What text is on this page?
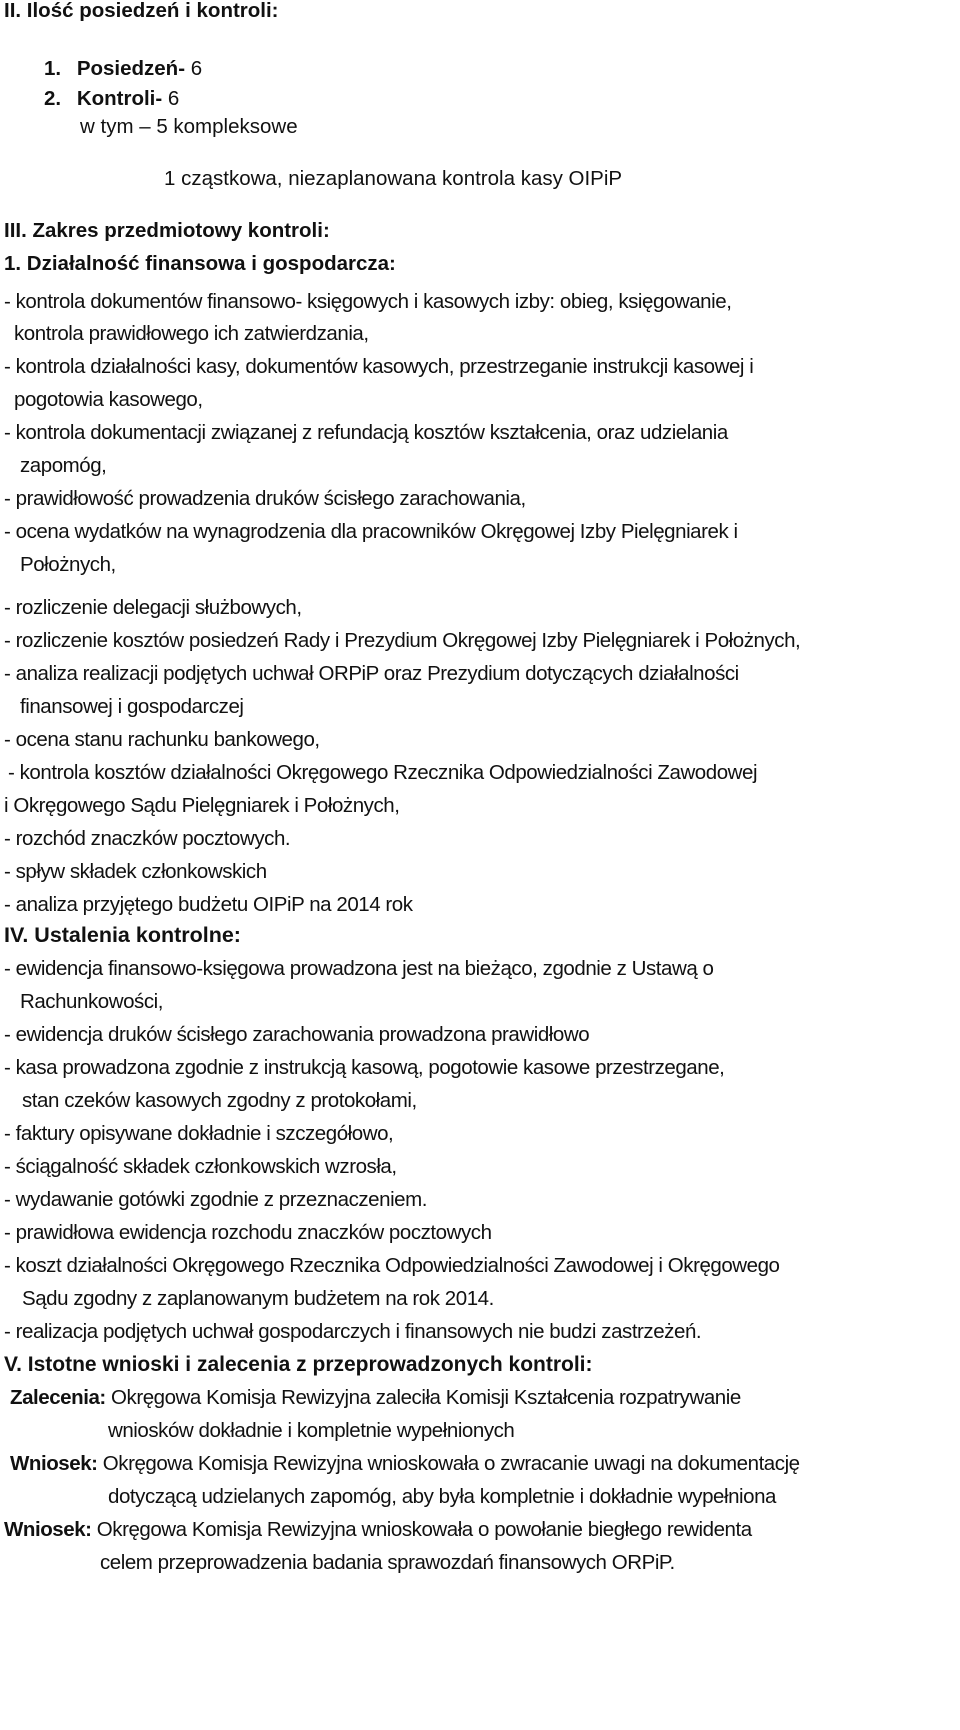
II. Ilość posiedzeń i kontroli:
1. Posiedzeń- 6
2. Kontroli- 6
w tym – 5 kompleksowe
1 cząstkowa, niezaplanowana kontrola kasy OIPiP
III. Zakres przedmiotowy kontroli:
1. Działalność finansowa i gospodarcza:
- kontrola dokumentów finansowo- księgowych i kasowych izby: obieg, księgowanie,
kontrola prawidłowego ich zatwierdzania,
- kontrola działalności kasy, dokumentów kasowych, przestrzeganie instrukcji kasowej i
pogotowia kasowego,
- kontrola dokumentacji związanej z refundacją kosztów kształcenia, oraz udzielania
zapomóg,
- prawidłowość prowadzenia druków ścisłego zarachowania,
- ocena wydatków na wynagrodzenia dla pracowników Okręgowej Izby Pielęgniarek i
Położnych,
- rozliczenie delegacji służbowych,
- rozliczenie kosztów posiedzeń Rady i Prezydium Okręgowej Izby Pielęgniarek i Położnych,
- analiza realizacji podjętych uchwał ORPiP oraz Prezydium dotyczących działalności
finansowej i gospodarczej
- ocena stanu rachunku bankowego,
- kontrola kosztów działalności Okręgowego Rzecznika Odpowiedzialności Zawodowej
i Okręgowego Sądu Pielęgniarek i Położnych,
- rozchód znaczków pocztowych.
- spływ składek członkowskich
- analiza przyjętego budżetu OIPiP na 2014 rok
IV. Ustalenia kontrolne:
- ewidencja finansowo-księgowa prowadzona jest na bieżąco, zgodnie z Ustawą o
Rachunkowości,
- ewidencja druków ścisłego zarachowania prowadzona prawidłowo
- kasa prowadzona zgodnie z instrukcją kasową, pogotowie kasowe przestrzegane,
stan czeków kasowych zgodny z protokołami,
- faktury opisywane dokładnie i szczegółowo,
- ściągalność składek członkowskich wzrosła,
- wydawanie gotówki zgodnie z przeznaczeniem.
- prawidłowa ewidencja rozchodu znaczków pocztowych
- koszt działalności Okręgowego Rzecznika Odpowiedzialności Zawodowej i Okręgowego
Sądu zgodny z zaplanowanym budżetem na rok 2014.
- realizacja podjętych uchwał gospodarczych i finansowych nie budzi zastrzeżeń.
V. Istotne wnioski i zalecenia z przeprowadzonych kontroli:
Zalecenia: Okręgowa Komisja Rewizyjna zaleciła Komisji Kształcenia rozpatrywanie
wniosków dokładnie i kompletnie wypełnionych
Wniosek: Okręgowa Komisja Rewizyjna wnioskowała o zwracanie uwagi na dokumentację
dotyczącą udzielanych zapomóg, aby była kompletnie i dokładnie wypełniona
Wniosek: Okręgowa Komisja Rewizyjna wnioskowała o powołanie biegłego rewidenta
celem przeprowadzenia badania sprawozdań finansowych ORPiP.
